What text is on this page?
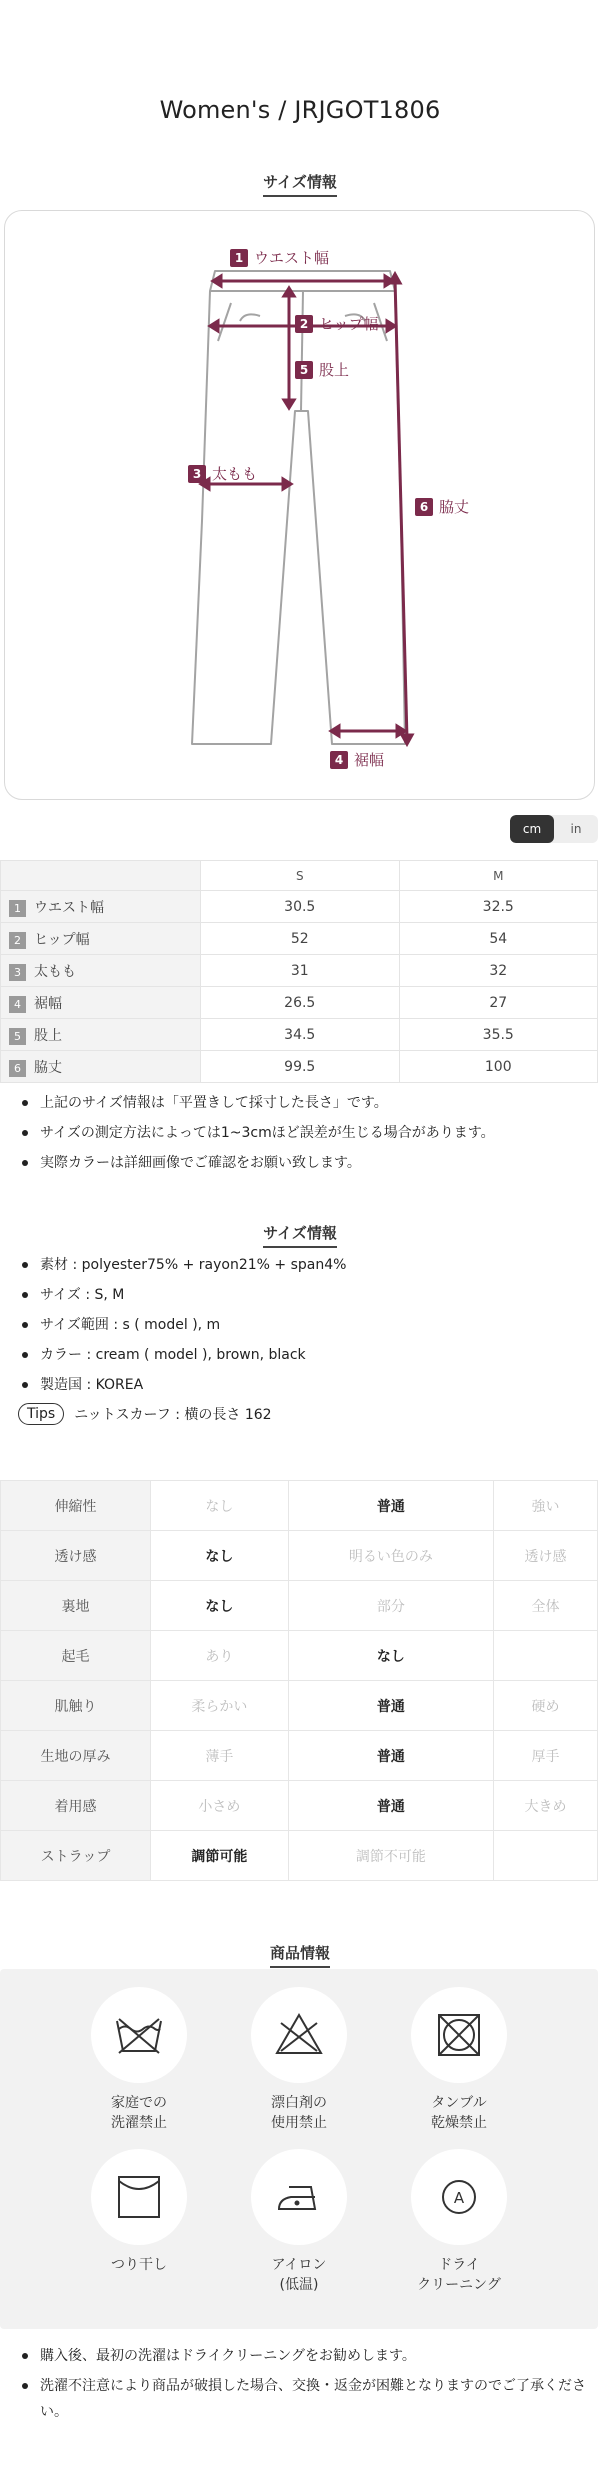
Women's / JRJGOT1806
サイズ情報
1 ウエスト幅
2 ヒップ幅
5 股上
3 太もも
6 脇丈
4 裾幅
cm	in
	S	M
1 ウエスト幅	30.5	32.5
2 ヒップ幅	52	54
3 太もも	31	32
4 裾幅	26.5	27
5 股上	34.5	35.5
6 脇丈	99.5	100
上記のサイズ情報は「平置きして採寸した長さ」です。
サイズの測定方法によっては1~3cmほど誤差が生じる場合があります。
実際カラーは詳細画像でご確認をお願い致します。
サイズ情報
素材 : polyester75% + rayon21% + span4%
サイズ : S, M
サイズ範囲 : s ( model ), m
カラー : cream ( model ), brown, black
製造国 : KOREA
Tips	ニットスカーフ : 横の長さ 162
伸縮性	なし	普通	強い
透け感	なし	明るい色のみ	透け感
裏地	なし	部分	全体
起毛	あり	なし	
肌触り	柔らかい	普通	硬め
生地の厚み	薄手	普通	厚手
着用感	小さめ	普通	大きめ
ストラップ	調節可能	調節不可能	
商品情報
家庭での
洗濯禁止
漂白剤の
使用禁止
タンブル
乾燥禁止
つり干し	アイロン
(低温)
A
ドライ
クリーニング
購入後、最初の洗濯はドライクリーニングをお勧めします。
洗濯不注意により商品が破損した場合、交換・返金が困難となりますのでご了承ください。
